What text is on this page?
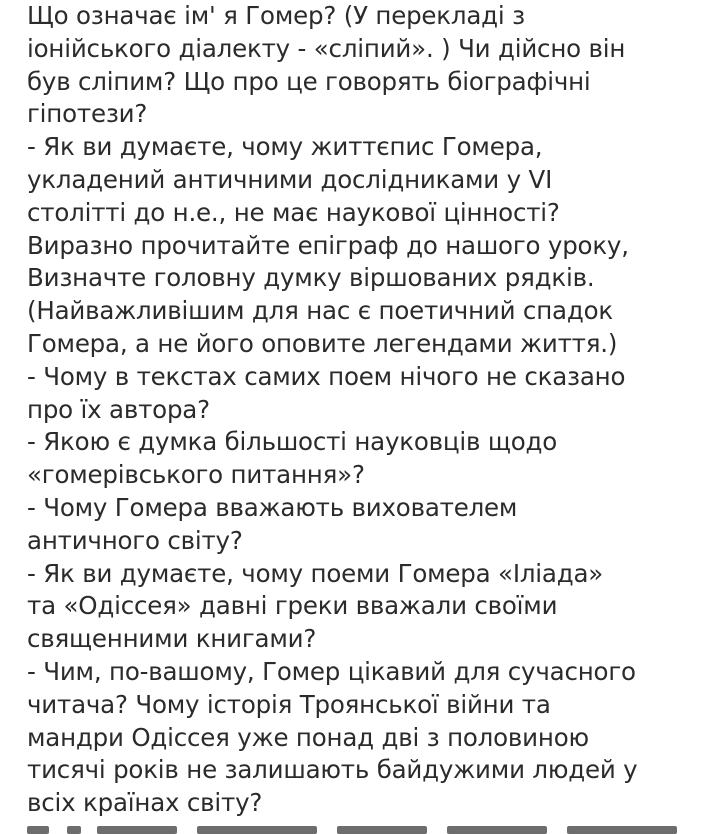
Що означає ім' я Гомер? (У перекладі з
іонійського діалекту - «сліпий». ) Чи дійсно він
був сліпим? Що про це говорять біографічні
гіпотези?
- Як ви думаєте, чому життєпис Гомера,
укладений античними дослідниками у VI
столітті до н.е., не має наукової цінності?
Виразно прочитайте епіграф до нашого уроку,
Визначте головну думку віршованих рядків.
(Найважливішим для нас є поетичний спадок
Гомера, а не його оповите легендами життя.)
- Чому в текстах самих поем нічого не сказано
про їх автора?
- Якою є думка більшості науковців щодо
«гомерівського питання»?
- Чому Гомера вважають вихователем
античного світу?
- Як ви думаєте, чому поеми Гомера «Іліада»
та «Одіссея» давні греки вважали своїми
священними книгами?
- Чим, по-вашому, Гомер цікавий для сучасного
читача? Чому історія Троянської війни та
мандри Одіссея уже понад дві з половиною
тисячі років не залишають байдужими людей у
всіх країнах світу?
